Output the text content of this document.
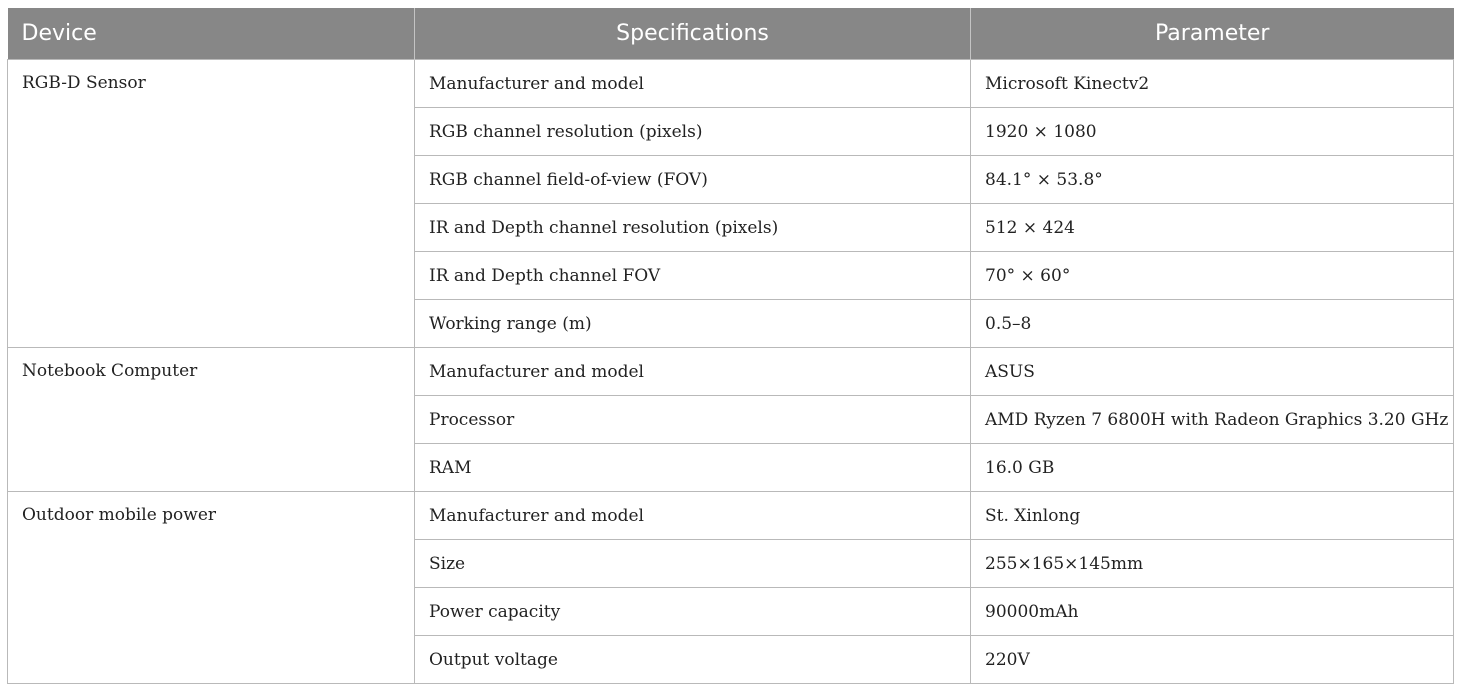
Device	Specifications	Parameter
RGB-D Sensor	Manufacturer and model	Microsoft Kinectv2
	RGB channel resolution (pixels)	1920 × 1080
	RGB channel field-of-view (FOV)	84.1° × 53.8°
	IR and Depth channel resolution (pixels)	512 × 424
	IR and Depth channel FOV	70° × 60°
	Working range (m)	0.5–8
Notebook Computer	Manufacturer and model	ASUS
	Processor	AMD Ryzen 7 6800H with Radeon Graphics 3.20 GHz
	RAM	16.0 GB
Outdoor mobile power	Manufacturer and model	St. Xinlong
	Size	255×165×145mm
	Power capacity	90000mAh
	Output voltage	220V
